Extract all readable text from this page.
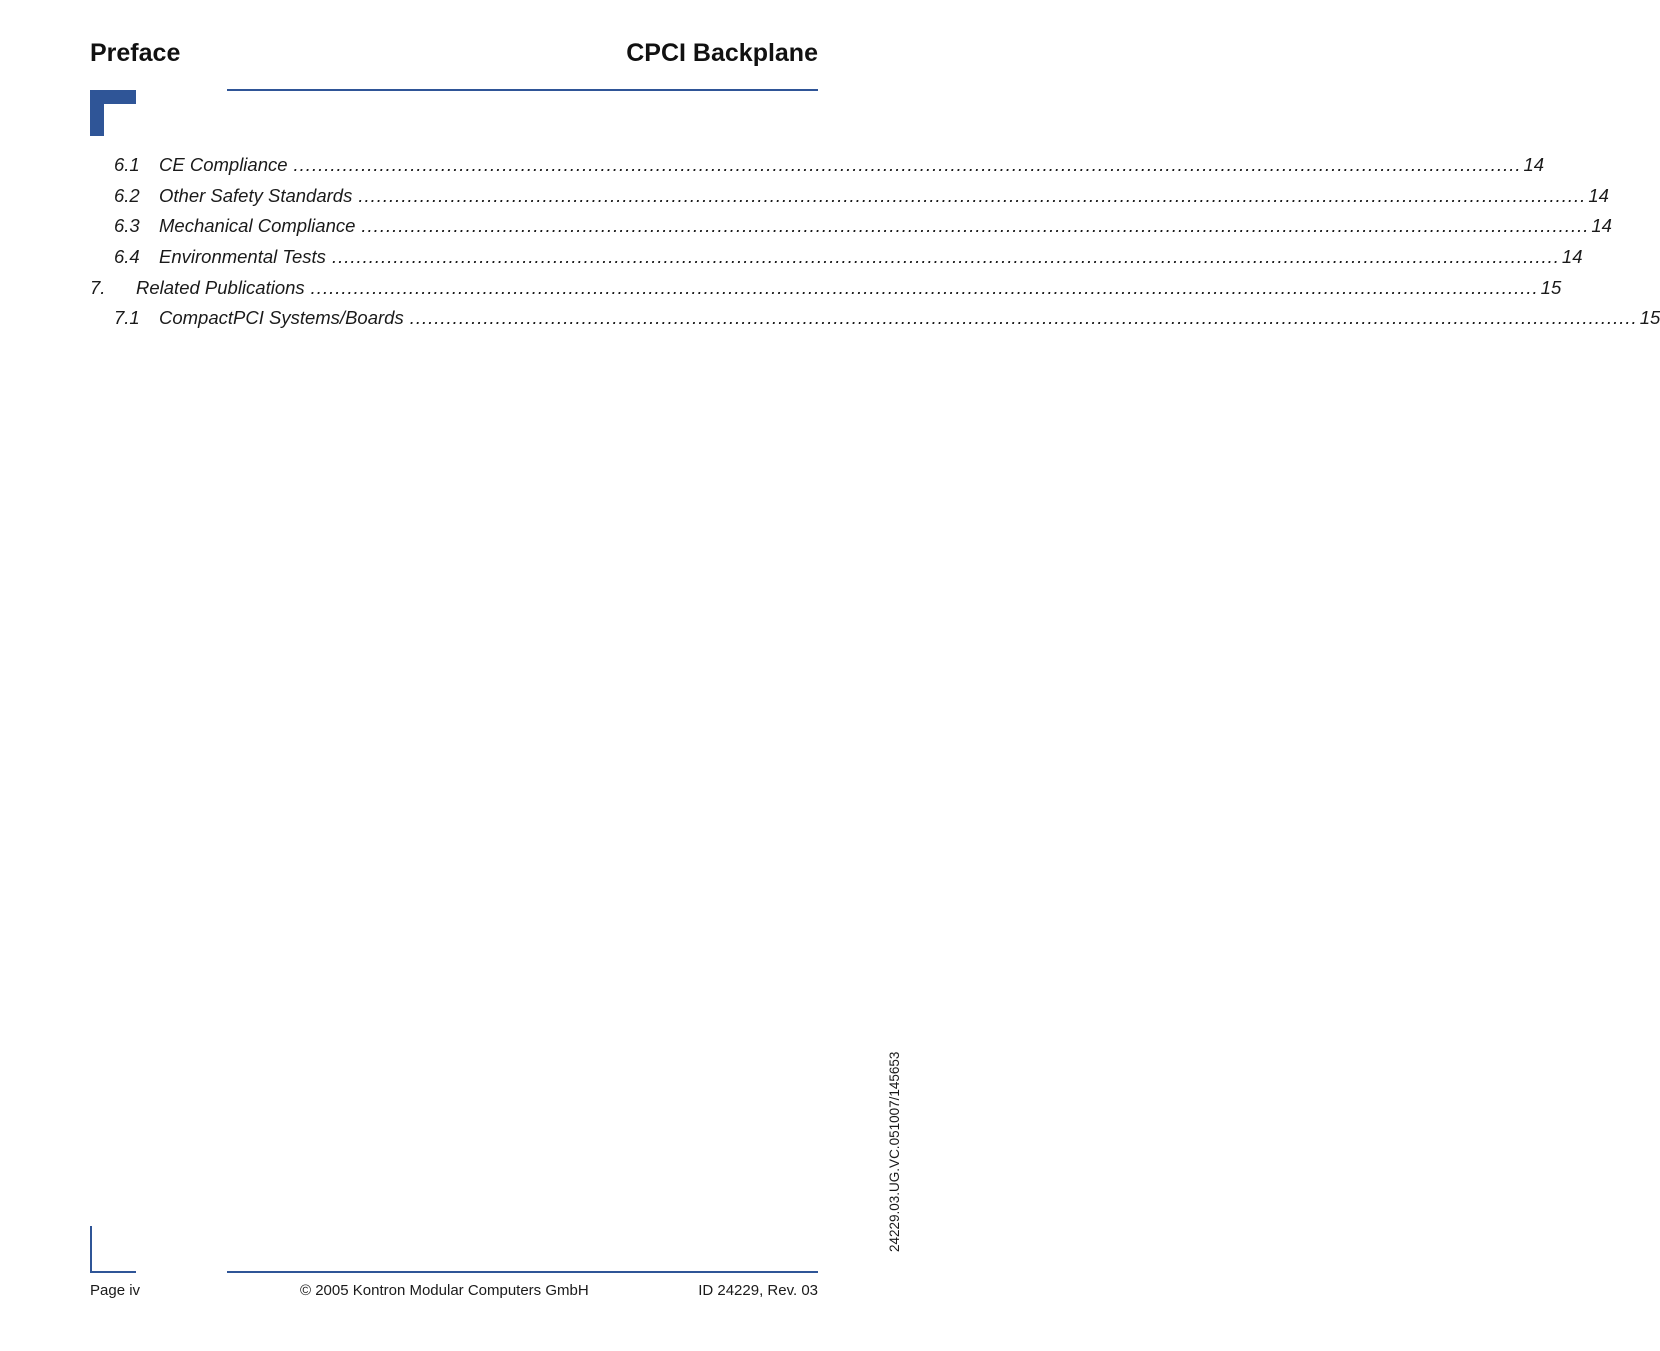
Preface	CPCI Backplane
6.1	CE Compliance ........................................................................................................................................................................................................ 14
6.2	Other Safety Standards ........................................................................................................................................................................................................ 14
6.3	Mechanical Compliance ........................................................................................................................................................................................................ 14
6.4	Environmental Tests ........................................................................................................................................................................................................ 14
7.	Related Publications ........................................................................................................................................................................................................ 15
7.1	CompactPCI Systems/Boards ........................................................................................................................................................................................................ 15
24229.03.UG.VC.051007/145653
Page iv	© 2005 Kontron Modular Computers GmbH	ID 24229, Rev. 03
